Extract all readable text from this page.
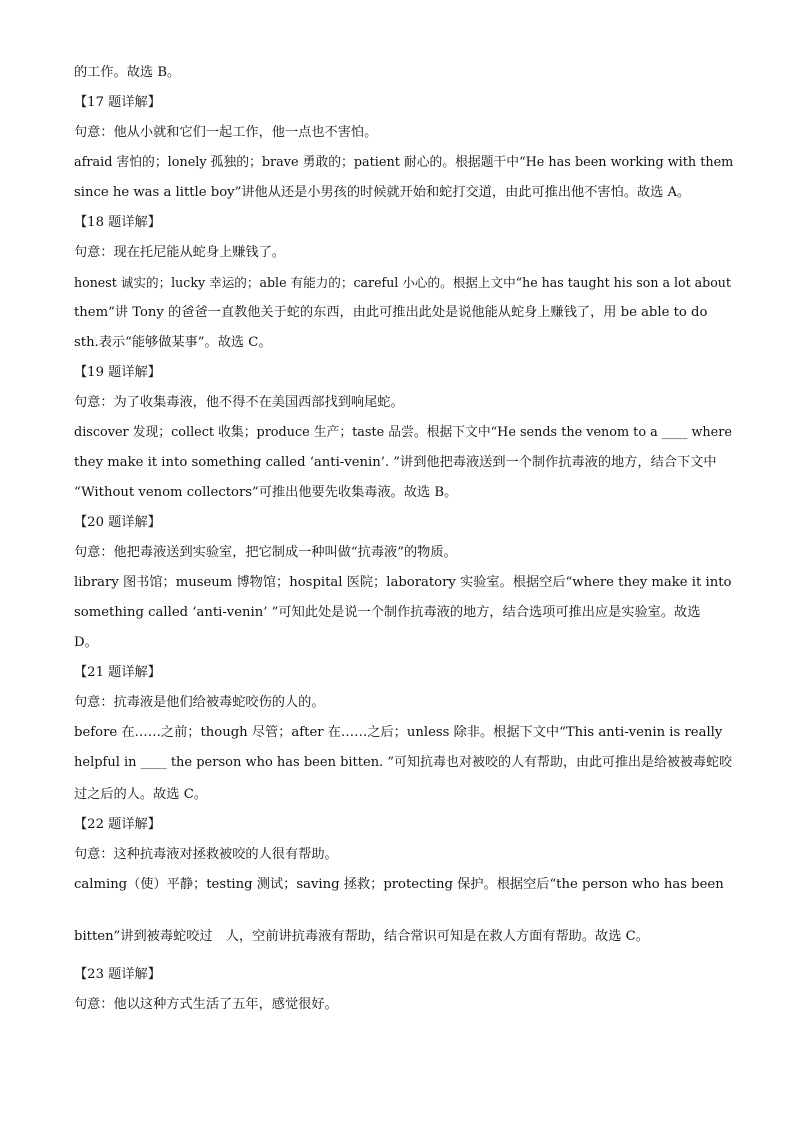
的工作。故选 B。
【17 题详解】
句意：他从小就和它们一起工作，他一点也不害怕。
afraid 害怕的；lonely 孤独的；brave 勇敢的；patient 耐心的。根据题干中“He has been working with them
since he was a little boy”讲他从还是小男孩的时候就开始和蛇打交道，由此可推出他不害怕。故选 A。
【18 题详解】
句意：现在托尼能从蛇身上赚钱了。
honest 诚实的；lucky 幸运的；able 有能力的；careful 小心的。根据上文中“he has taught his son a lot about
them”讲 Tony 的爸爸一直教他关于蛇的东西，由此可推出此处是说他能从蛇身上赚钱了，用 be able to do
sth.表示“能够做某事”。故选 C。
【19 题详解】
句意：为了收集毒液，他不得不在美国西部找到响尾蛇。
discover 发现；collect 收集；produce 生产；taste 品尝。根据下文中“He sends the venom to a ____ where
they make it into something called ‘anti-venin’. ”讲到他把毒液送到一个制作抗毒液的地方，结合下文中
“Without venom collectors”可推出他要先收集毒液。故选 B。
【20 题详解】
句意：他把毒液送到实验室，把它制成一种叫做“抗毒液”的物质。
library 图书馆；museum 博物馆；hospital 医院；laboratory 实验室。根据空后“where they make it into
something called ‘anti-venin’ ”可知此处是说一个制作抗毒液的地方，结合选项可推出应是实验室。故选
D。
【21 题详解】
句意：抗毒液是他们给被毒蛇咬伤的人的。
before 在……之前；though 尽管；after 在……之后；unless 除非。根据下文中“This anti-venin is really
helpful in ____ the person who has been bitten. ”可知抗毒也对被咬的人有帮助，由此可推出是给被被毒蛇咬
过之后的人。故选 C。
【22 题详解】
句意：这种抗毒液对拯救被咬的人很有帮助。
calming（使）平静；testing 测试；saving 拯救；protecting 保护。根据空后“the person who has been
bitten”讲到被毒蛇咬过　人，空前讲抗毒液有帮助，结合常识可知是在救人方面有帮助。故选 C。
【23 题详解】
句意：他以这种方式生活了五年，感觉很好。
